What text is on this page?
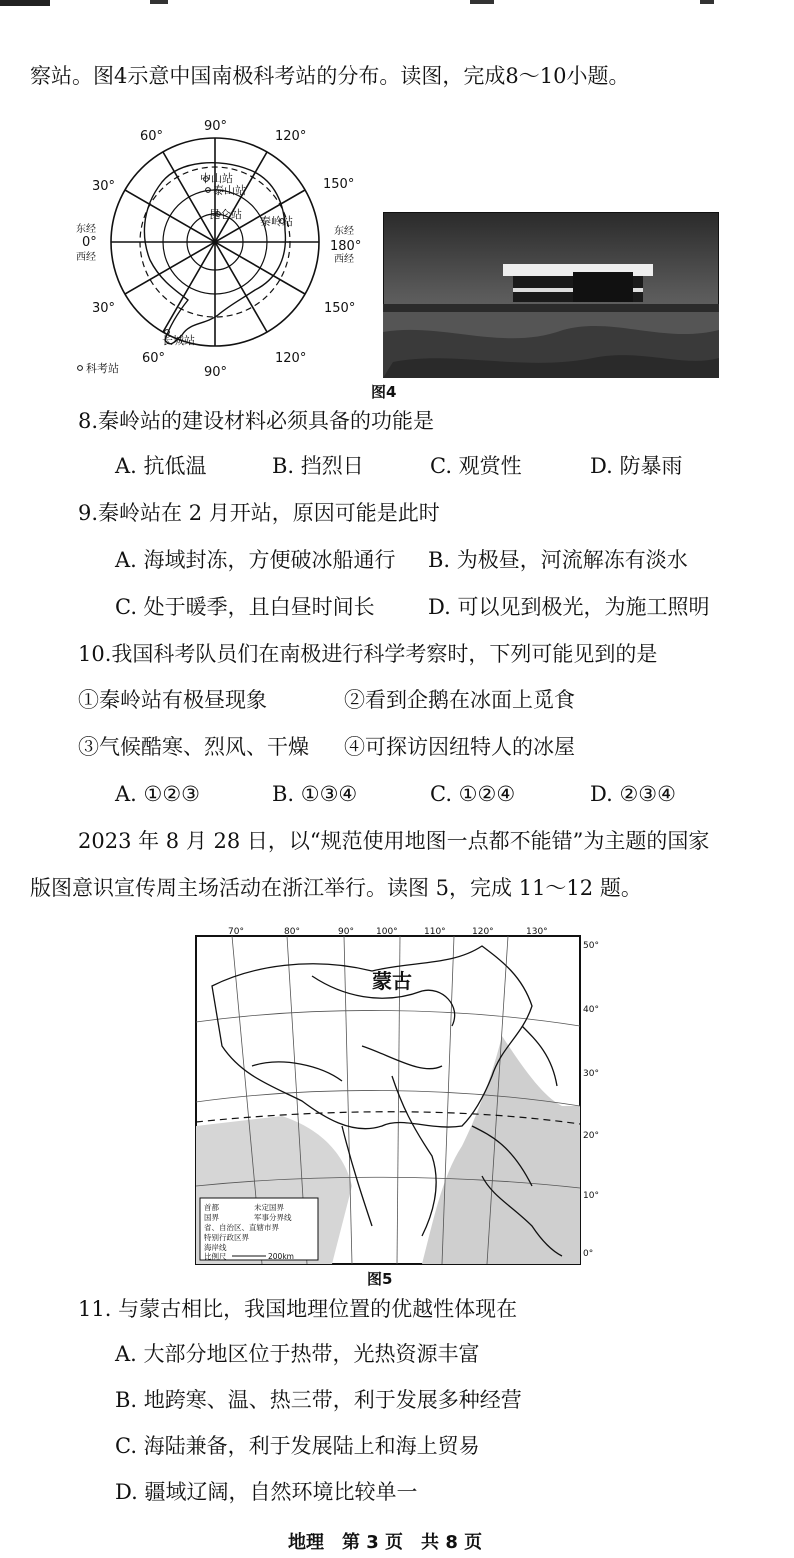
察站。图4示意中国南极科考站的分布。读图，完成8～10小题。
90°
120°
150°
60°
30°
180°
150°
120°
90°
60°
30°
0°
东经
西经
东经
西经
中山站
泰山站
昆仑站
秦岭站
长城站
科考站
图4
8.秦岭站的建设材料必须具备的功能是
A. 抗低温	B. 挡烈日	C. 观赏性	D. 防暴雨
9.秦岭站在 2 月开站，原因可能是此时
A. 海域封冻，方便破冰船通行 B. 为极昼，河流解冻有淡水
C. 处于暖季，且白昼时间长	D. 可以见到极光，为施工照明
10.我国科考队员们在南极进行科学考察时，下列可能见到的是
①秦岭站有极昼现象	②看到企鹅在冰面上觅食
③气候酷寒、烈风、干燥 ④可探访因纽特人的冰屋
A. ①②③	B. ①③④	C. ①②④	D. ②③④
2023 年 8 月 28 日，以“规范使用地图一点都不能错”为主题的国家
版图意识宣传周主场活动在浙江举行。读图 5，完成 11～12 题。
蒙古
70°	80°	90° 100°	110°	120°	130°
50°
40°
30°
20°
10°
0°
首都	未定国界
国界	军事分界线
省、自治区、直辖市界
特别行政区界
海岸线
比例尺	200km
图5
11. 与蒙古相比，我国地理位置的优越性体现在
A. 大部分地区位于热带，光热资源丰富
B. 地跨寒、温、热三带，利于发展多种经营
C. 海陆兼备，利于发展陆上和海上贸易
D. 疆域辽阔，自然环境比较单一
地理　第 3 页　共 8 页
